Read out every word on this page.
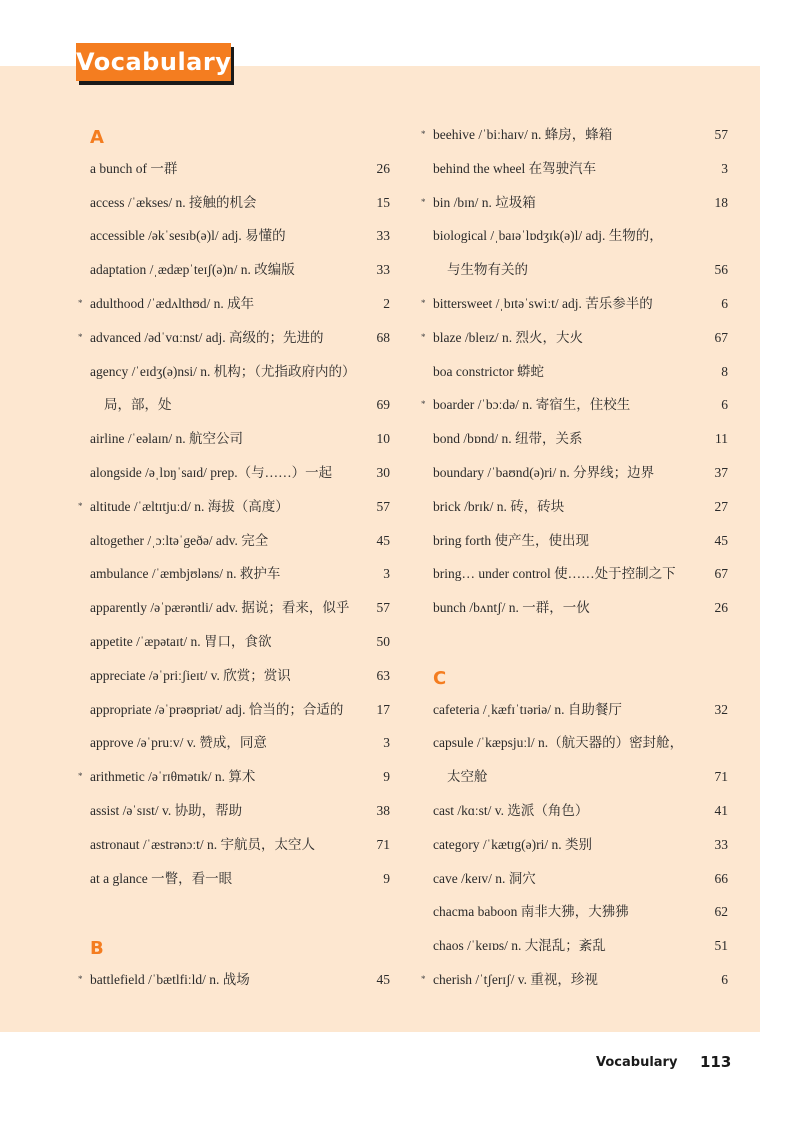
Vocabulary
A
a bunch of 一群	26
access /ˈækses/ n. 接触的机会	15
accessible /əkˈsesɪb(ə)l/ adj. 易懂的	33
adaptation /ˌædæpˈteɪʃ(ə)n/ n. 改编版	33
* adulthood /ˈædʌlthʊd/ n. 成年	2
* advanced /ədˈvɑːnst/ adj. 高级的；先进的	68
agency /ˈeɪdʒ(ə)nsi/ n. 机构；（尤指政府内的）
局，部，处	69
airline /ˈeəlaɪn/ n. 航空公司	10
alongside /əˌlɒŋˈsaɪd/ prep.（与……）一起	30
* altitude /ˈæltɪtjuːd/ n. 海拔（高度）	57
altogether /ˌɔːltəˈgeðə/ adv. 完全	45
ambulance /ˈæmbjʊləns/ n. 救护车	3
apparently /əˈpærəntli/ adv. 据说；看来，似乎 57
appetite /ˈæpətaɪt/ n. 胃口，食欲	50
appreciate /əˈpriːʃieɪt/ v. 欣赏；赏识	63
appropriate /əˈprəʊpriət/ adj. 恰当的；合适的 17
approve /əˈpruːv/ v. 赞成，同意	3
* arithmetic /əˈrɪθmətɪk/ n. 算术	9
assist /əˈsɪst/ v. 协助，帮助	38
astronaut /ˈæstrənɔːt/ n. 宇航员，太空人	71
at a glance 一瞥，看一眼	9
B
* battlefield /ˈbætlfiːld/ n. 战场	45
* beehive /ˈbiːhaɪv/ n. 蜂房，蜂箱	57
behind the wheel 在驾驶汽车	3
* bin /bɪn/ n. 垃圾箱	18
biological /ˌbaɪəˈlɒdʒɪk(ə)l/ adj. 生物的，
与生物有关的	56
* bittersweet /ˌbɪtəˈswiːt/ adj. 苦乐参半的	6
* blaze /bleɪz/ n. 烈火，大火	67
boa constrictor 蟒蛇	8
* boarder /ˈbɔːdə/ n. 寄宿生，住校生	6
bond /bɒnd/ n. 纽带，关系	11
boundary /ˈbaʊnd(ə)ri/ n. 分界线；边界	37
brick /brɪk/ n. 砖，砖块	27
bring forth 使产生，使出现	45
bring… under control 使……处于控制之下	67
bunch /bʌntʃ/ n. 一群，一伙	26
C
cafeteria /ˌkæfɪˈtɪəriə/ n. 自助餐厅	32
capsule /ˈkæpsjuːl/ n.（航天器的）密封舱，
太空舱	71
cast /kɑːst/ v. 选派（角色）	41
category /ˈkætɪg(ə)ri/ n. 类别	33
cave /keɪv/ n. 洞穴	66
chacma baboon 南非大狒，大狒狒	62
chaos /ˈkeɪɒs/ n. 大混乱；紊乱	51
* cherish /ˈtʃerɪʃ/ v. 重视，珍视	6
Vocabulary 113
